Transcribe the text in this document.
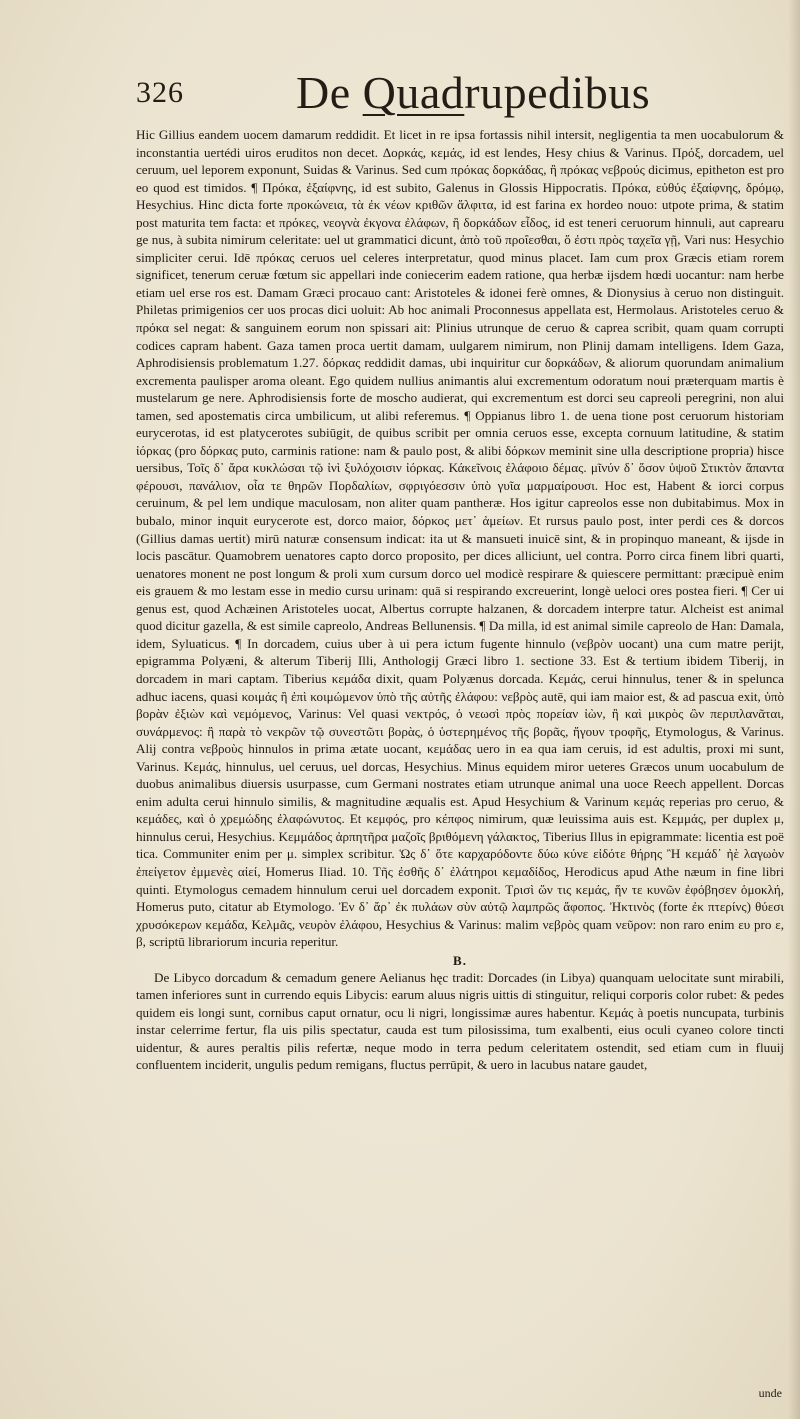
326 De Quadrupedibus

Hic Gillius eandem uocem damarum reddidit. Et licet in re ipsa fortassis nihil intersit, negligentia ta men uocabulorum & inconstantia uertédi uiros eruditos non decet. Δορκάς, κεμάς, id est lendes, Hesy chius & Varinus. Πρόξ, dorcadem, uel ceruum, uel leporem exponunt, Suidas & Varinus. Sed cum πρόκας δορκάδας, ἢ πρόκας νεβρούς dicimus, epitheton est pro eo quod est timidos. ¶ Πρόκα, ἐξαίφνης, id est subito, Galenus in Glossis Hippocratis. Πρόκα, εὐθύς ἐξαίφνης, δρόμῳ, Hesychius. Hinc dicta forte προκώνεια, τὰ ἐκ νέων κριθῶν ἄλφιτα, id est farina ex hordeo nouo: utpote prima, & statim post maturita tem facta: et πρόκες, νεογνὰ ἐκγονα ἐλάφων, ἢ δορκάδων εἶδος, id est teneri ceruorum hinnuli, aut caprearu ge nus, à subita nimirum celeritate: uel ut grammatici dicunt, ἀπὸ τοῦ προΐεσθαι, ὅ ἐστι πρὸς ταχεῖα γῇ, Vari nus: Hesychio simpliciter cerui. Idē πρόκας ceruos uel celeres interpretatur, quod minus placet. Iam cum prox Græcis etiam rorem significet, tenerum ceruæ fœtum sic appellari inde coniecerim eadem ratione, qua herbæ ijsdem hœdi uocantur: nam herbe etiam uel erse ros est. Damam Græci procauo cant: Aristoteles & idonei ferè omnes, & Dionysius à ceruo non distinguit. Philetas primigenios cer uos procas dici uoluit: Ab hoc animali Proconnesus appellata est, Hermolaus. Aristoteles ceruo & πρόκα sel negat: & sanguinem eorum non spissari ait: Plinius utrunque de ceruo & caprea scribit, quam quam corrupti codices capram habent. Gaza tamen proca uertit damam, uulgarem nimirum, non Plinij damam intelligens. Idem Gaza, Aphrodisiensis problematum 1.27. δόρκας reddidit damas, ubi inquiritur cur δορκάδων, & aliorum quorundam animalium excrementa paulisper aroma oleant. Ego quidem nullius animantis alui excrementum odoratum noui præterquam martis è mustelarum ge nere. Aphrodisiensis forte de moscho audierat, qui excrementum est dorci seu capreoli peregrini, non alui tamen, sed apostematis circa umbilicum, ut alibi referemus. ¶ Oppianus libro 1. de uena tione post ceruorum historiam eurycerotas, id est platycerotes subiūgit, de quibus scribit per omnia ceruos esse, excepta cornuum latitudine, & statim ἰόρκας (pro δόρκας puto, carminis ratione: nam & paulo post, & alibi δόρκων meminit sine ulla descriptione propria) hisce uersibus, Τοῖς δ᾽ ἄρα κυκλώσαι τῷ ἰνὶ ξυλόχοισιν ἰόρκας. Κάκεῖνοις ἐλάφοιο δέμας. μῖνύν δ᾽ ὅσον ὑψοῦ Στικτὸν ἅπαντα φέρουσι, πανάλιον, οἷα τε θηρῶν Πορδαλίων, σφριγόεσσιν ὑπὸ γυῖα μαρμαίρουσι. Hoc est, Habent & iorci corpus ceruinum, & pel lem undique maculosam, non aliter quam pantheræ. Hos igitur capreolos esse non dubitabimus. Mox in bubalo, minor inquit eurycerote est, dorco maior, δόρκος μετ᾽ ἀμείων. Et rursus paulo post, inter perdi ces & dorcos (Gillius damas uertit) mirū naturæ consensum indicat: ita ut & mansueti inuicē sint, & in propinquo maneant, & ijsde in locis pascātur. Quamobrem uenatores capto dorco proposito, per dices alliciunt, uel contra. Porro circa finem libri quarti, uenatores monent ne post longum & proli xum cursum dorco uel modicè respirare & quiescere permittant: præcipuè enim eis grauem & mo lestam esse in medio cursu urinam: quā si respirando excreuerint, longè ueloci ores postea fieri. ¶ Cer ui genus est, quod Achæinen Aristoteles uocat, Albertus corrupte halzanen, & dorcadem interpre tatur. Alcheist est animal quod dicitur gazella, & est simile capreolo, Andreas Bellunensis. ¶ Da milla, id est animal simile capreolo de Han: Damala, idem, Syluaticus. ¶ In dorcadem, cuius uber à ui pera ictum fugente hinnulo (νεβρὸν uocant) una cum matre perijt, epigramma Polyæni, & alterum Tiberij Illi, Anthologij Græci libro 1. sectione 33. Est & tertium ibidem Tiberij, in dorcadem in mari captam. Tiberius κεμάδα dixit, quam Polyænus dorcada. Κεμάς, cerui hinnulus, tener & in spelunca adhuc iacens, quasi κοιμάς ἢ ἐπὶ κοιμώμενον ὑπὸ τῆς αὐτῆς ἐλάφου: νεβρὸς autē, qui iam maior est, & ad pascua exit, ὑπὸ βορὰν ἐξιὼν καὶ νεμόμενος, Varinus: Vel quasi νεκτρός, ὁ νεωσὶ πρὸς πορείαν ἰὼν, ἢ καὶ μικρὸς ὢν περιπλανᾶται, συνάρμενος: ἢ παρὰ τὸ νεκρῶν τῷ συνεστῶτι βορὰς, ὁ ὑστερημένος τῆς βορᾶς, ἤγουν τροφῆς, Etymologus, & Varinus. Alij contra νεβροὺς hinnulos in prima ætate uocant, κεμάδας uero in ea qua iam ceruis, id est adultis, proxi mi sunt, Varinus. Κεμάς, hinnulus, uel ceruus, uel dorcas, Hesychius. Minus equidem miror ueteres Græcos unum uocabulum de duobus animalibus diuersis usurpasse, cum Germani nostrates etiam utrunque animal una uoce Reech appellent. Dorcas enim adulta cerui hinnulo similis, & magnitudine æqualis est. Apud Hesychium & Varinum κεμάς reperias pro ceruo, & κεμάδες, καὶ ὁ χρεμώδης ἐλαφώνυτος. Et κεμφός, pro κέπφος nimirum, quæ leuissima auis est. Κεμμάς, per duplex μ, hinnulus cerui, Hesychius. Κεμμάδος ἀρπητῆρα μαζοῖς βριθόμενη γάλακτος, Tiberius Illus in epigrammate: licentia est poë tica. Communiter enim per μ. simplex scribitur. Ὡς δ᾽ ὅτε καρχαρόδοντε δύω κύνε εἰδότε θήρης Ἢ κεμάδ᾽ ἠὲ λαγωὸν ἐπείγετον ἐμμενὲς αἰεί, Homerus Iliad. 10. Τῆς ἐσθῆς δ᾽ ἐλάτηροι κεμαδίδος, Herodicus apud Athe næum in fine libri quinti. Etymologus cemadem hinnulum cerui uel dorcadem exponit. Τρισὶ ὥν τις κεμάς, ἥν τε κυνῶν ἐφόβησεν ὁμοκλή, Homerus puto, citatur ab Etymologo. Ἐν δ᾽ ἄρ᾽ ἐκ πυλάων σὺν αὐτῷ λαμπρῶς ἄφοπος. Ἠκτινὸς (forte ἐκ πτερίνς) θύεσι χρυσόκερων κεμάδα, Κελμᾶς, νευρὸν ἐλάφου, Hesychius & Varinus: malim νεβρὸς quam νεῦρον: non raro enim ευ pro ε, β, scriptū librariorum incuria reperitur.

B.

De Libyco dorcadum & cemadum genere Aelianus hęc tradit: Dorcades (in Libya) quanquam uelocitate sunt mirabili, tamen inferiores sunt in currendo equis Libycis: earum aluus nigris uittis di stinguitur, reliqui corporis color rubet: & pedes quidem eis longi sunt, cornibus caput ornatur, ocu li nigri, longissimæ aures habentur. Κεμάς à poetis nuncupata, turbinis instar celerrime fertur, fla uis pilis spectatur, cauda est tum pilosissima, tum exalbenti, eius oculi cyaneo colore tincti uidentur, & aures peraltis pilis refertæ, neque modo in terra pedum celeritatem ostendit, sed etiam cum in fluuij confluentem inciderit, ungulis pedum remigans, fluctus perrūpit, & uero in lacubus natare gaudet,

unde
